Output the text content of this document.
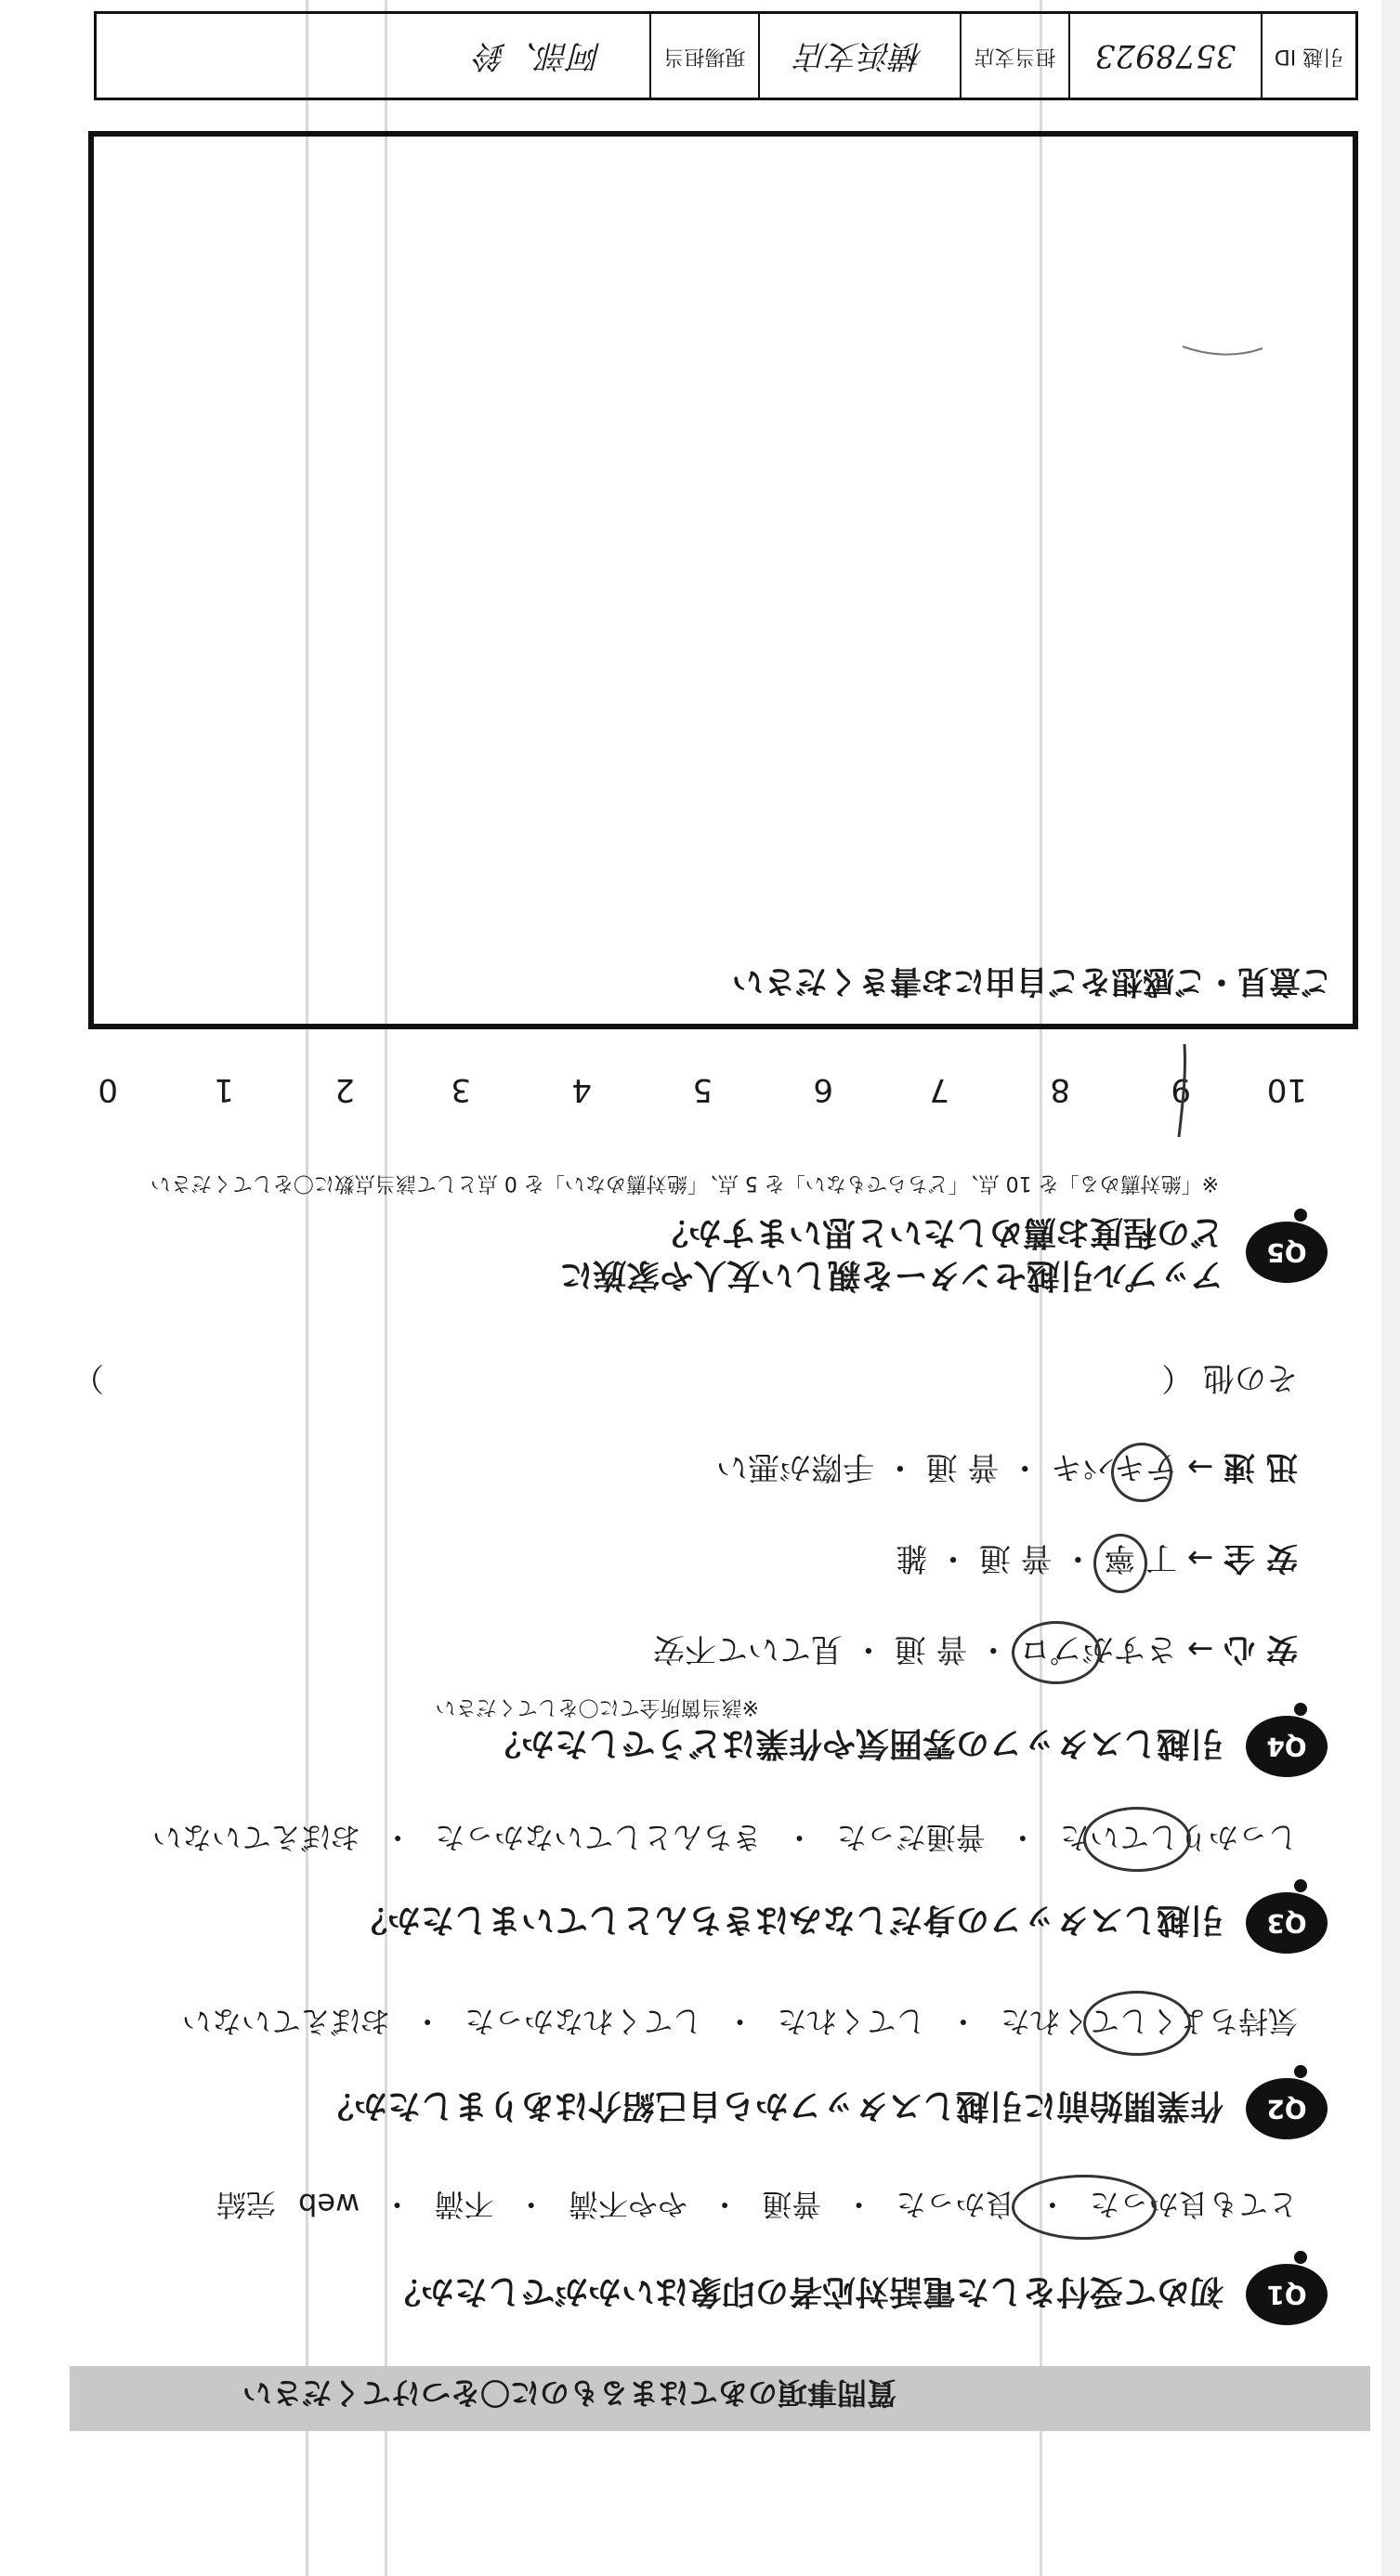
質問事項のあてはまるものに〇をつけてください
Q1
初めて受付をした電話対応者の印象はいかがでしたか？
とても良かった ・ 良かった ・ 普通 ・ やや不満 ・ 不満 ・ web 完結
Q2
作業開始前に引越しスタッフから自己紹介はありましたか？
気持ちよくしてくれた ・ してくれた ・ してくれなかった ・ おぼえていない
Q3
引越しスタッフの身だしなみはきちんとしていましたか？
しっかりしていた ・ 普通だった ・ きちんとしていなかった ・ おぼえていない
Q4
引越しスタッフの雰囲気や作業はどうでしたか？
※該当箇所全てに〇をしてください
安 心 → さすがプロ ・ 普 通 ・ 見ていて不安
安 全 → 丁 寧 ・ 普 通 ・ 雑
迅 速 → テキパキ ・ 普 通 ・ 手際が悪い
その他 （
）
Q5
アップル引越センターを親しい友人や家族に
どの程度お薦めしたいと思いますか？
※「絶対薦める」を 10 点、「どちらでもない」を 5 点、「絶対薦めない」を 0 点として該当点数に〇をしてください
10
9
8
7
6
5
4
3
2
1
0
ご意見・ご感想をご自由にお書きください
引越 ID
3578923
担当支店
横浜支店
現場担当
阿部、鈴
